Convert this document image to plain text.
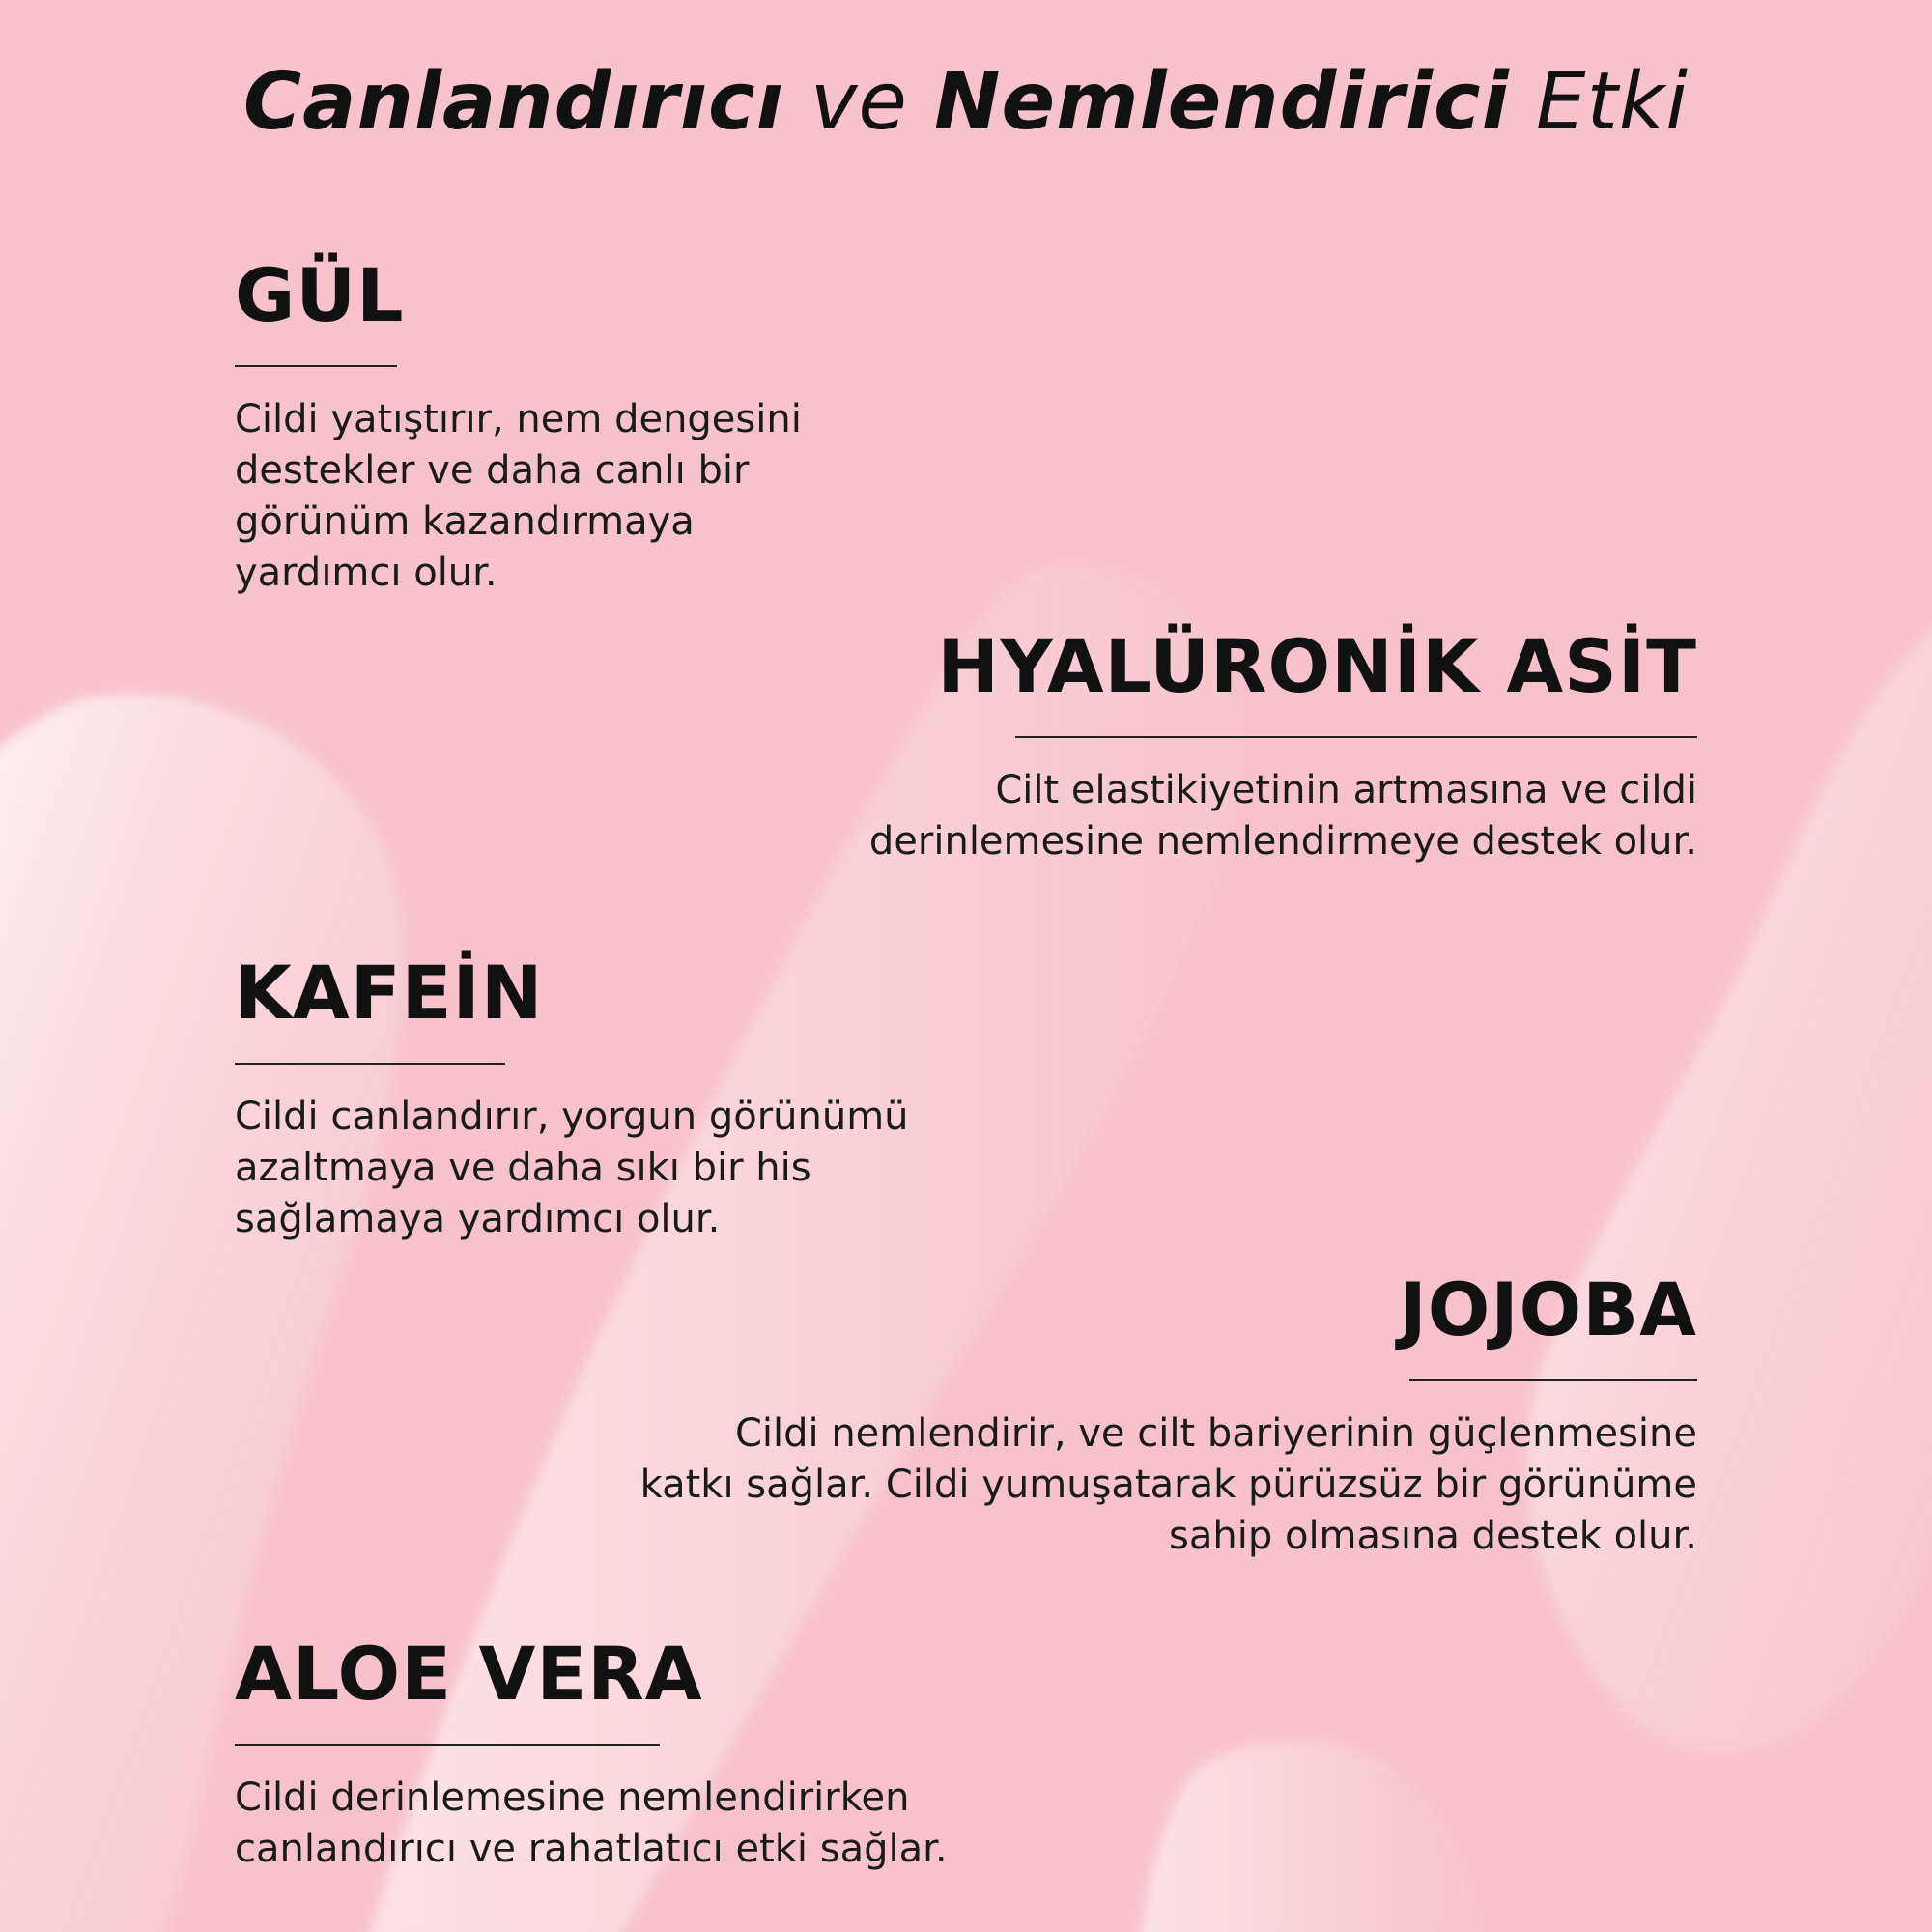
Canlandırıcı ve Nemlendirici Etki
GÜL

Cildi yatıştırır, nem dengesini
destekler ve daha canlı bir
görünüm kazandırmaya
yardımcı olur.

HYALÜRONİK ASİT

Cilt elastikiyetinin artmasına ve cildi
derinlemesine nemlendirmeye destek olur.

KAFEİN

Cildi canlandırır, yorgun görünümü
azaltmaya ve daha sıkı bir his
sağlamaya yardımcı olur.

JOJOBA

Cildi nemlendirir, ve cilt bariyerinin güçlenmesine
katkı sağlar. Cildi yumuşatarak pürüzsüz bir görünüme
sahip olmasına destek olur.

ALOE VERA

Cildi derinlemesine nemlendirirken
canlandırıcı ve rahatlatıcı etki sağlar.
